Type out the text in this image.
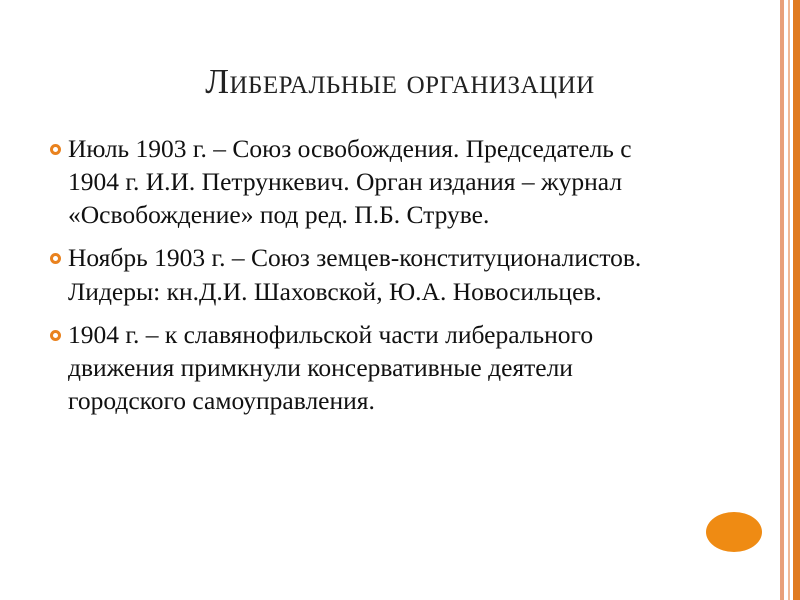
Либеральные организации
Июль 1903 г. – Союз освобождения. Председатель с 1904 г. И.И. Петрункевич. Орган издания – журнал «Освобождение» под ред. П.Б. Струве.
Ноябрь 1903 г. – Союз земцев-конституционалистов. Лидеры: кн.Д.И. Шаховской, Ю.А. Новосильцев.
1904 г. – к славянофильской части либерального движения примкнули консервативные деятели городского самоуправления.
